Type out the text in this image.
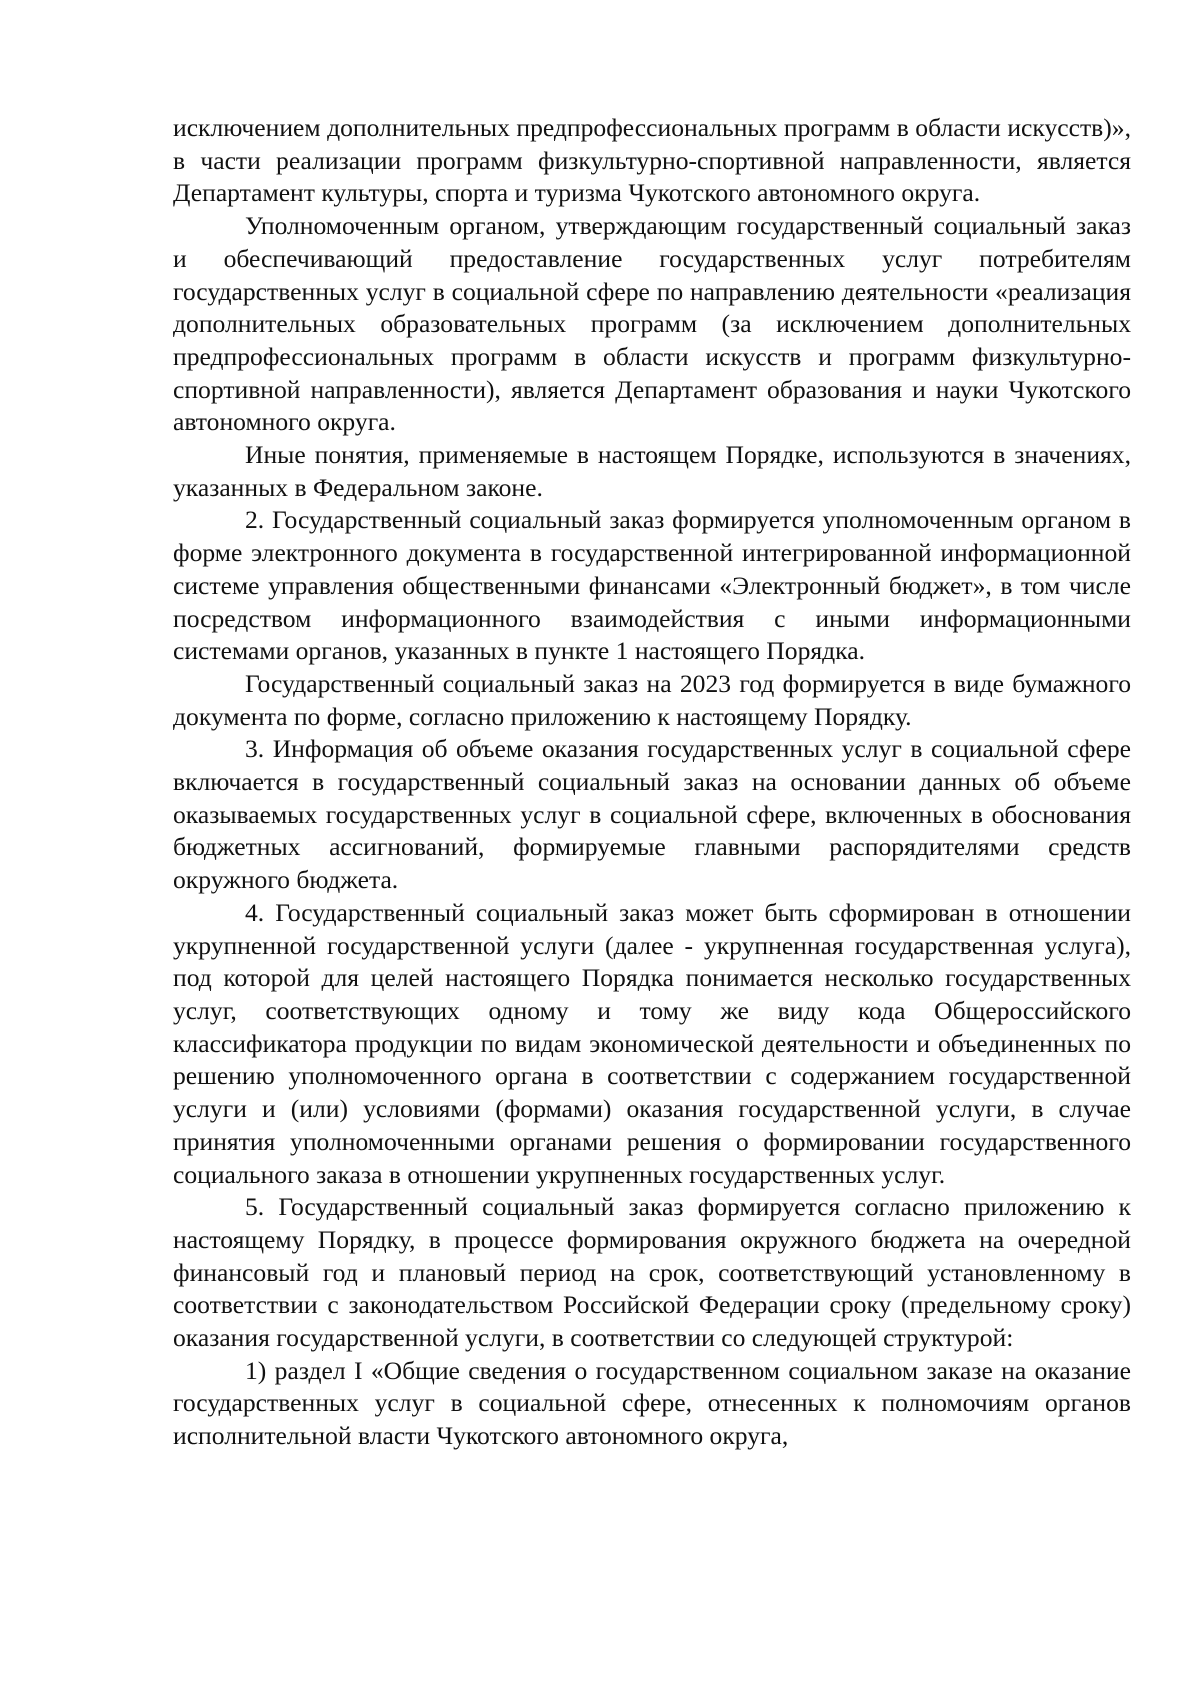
исключением дополнительных предпрофессиональных программ в области искусств)», в части реализации программ физкультурно-спортивной направленности, является Департамент культуры, спорта и туризма Чукотского автономного округа.

Уполномоченным органом, утверждающим государственный социальный заказ и обеспечивающий предоставление государственных услуг потребителям государственных услуг в социальной сфере по направлению деятельности «реализация дополнительных образовательных программ (за исключением дополнительных предпрофессиональных программ в области искусств и программ физкультурно-спортивной направленности), является Департамент образования и науки Чукотского автономного округа.

Иные понятия, применяемые в настоящем Порядке, используются в значениях, указанных в Федеральном законе.

2. Государственный социальный заказ формируется уполномоченным органом в форме электронного документа в государственной интегрированной информационной системе управления общественными финансами «Электронный бюджет», в том числе посредством информационного взаимодействия с иными информационными системами органов, указанных в пункте 1 настоящего Порядка.

Государственный социальный заказ на 2023 год формируется в виде бумажного документа по форме, согласно приложению к настоящему Порядку.

3. Информация об объеме оказания государственных услуг в социальной сфере включается в государственный социальный заказ на основании данных об объеме оказываемых государственных услуг в социальной сфере, включенных в обоснования бюджетных ассигнований, формируемые главными распорядителями средств окружного бюджета.

4. Государственный социальный заказ может быть сформирован в отношении укрупненной государственной услуги (далее - укрупненная государственная услуга), под которой для целей настоящего Порядка понимается несколько государственных услуг, соответствующих одному и тому же виду кода Общероссийского классификатора продукции по видам экономической деятельности и объединенных по решению уполномоченного органа в соответствии с содержанием государственной услуги и (или) условиями (формами) оказания государственной услуги, в случае принятия уполномоченными органами решения о формировании государственного социального заказа в отношении укрупненных государственных услуг.

5. Государственный социальный заказ формируется согласно приложению к настоящему Порядку, в процессе формирования окружного бюджета на очередной финансовый год и плановый период на срок, соответствующий установленному в соответствии с законодательством Российской Федерации сроку (предельному сроку) оказания государственной услуги, в соответствии со следующей структурой:

1) раздел I «Общие сведения о государственном социальном заказе на оказание государственных услуг в социальной сфере, отнесенных к полномочиям органов исполнительной власти Чукотского автономного округа,
